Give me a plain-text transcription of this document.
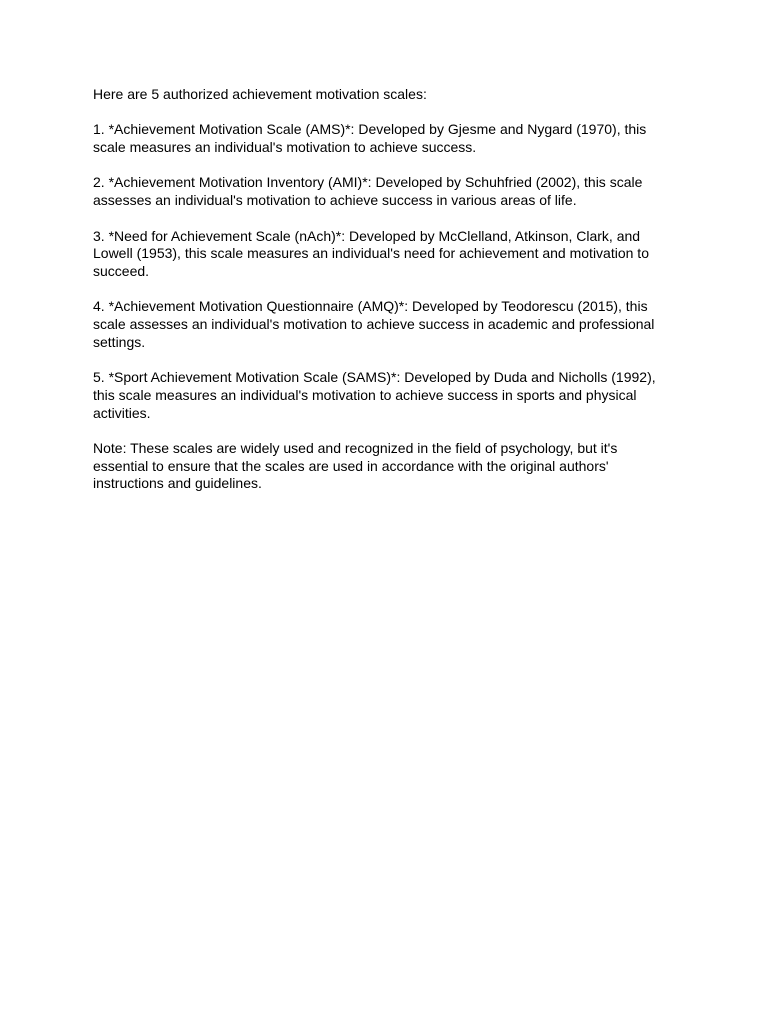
Here are 5 authorized achievement motivation scales:

1. *Achievement Motivation Scale (AMS)*: Developed by Gjesme and Nygard (1970), this scale measures an individual's motivation to achieve success.

2. *Achievement Motivation Inventory (AMI)*: Developed by Schuhfried (2002), this scale assesses an individual's motivation to achieve success in various areas of life.

3. *Need for Achievement Scale (nAch)*: Developed by McClelland, Atkinson, Clark, and Lowell (1953), this scale measures an individual's need for achievement and motivation to succeed.

4. *Achievement Motivation Questionnaire (AMQ)*: Developed by Teodorescu (2015), this scale assesses an individual's motivation to achieve success in academic and professional settings.

5. *Sport Achievement Motivation Scale (SAMS)*: Developed by Duda and Nicholls (1992), this scale measures an individual's motivation to achieve success in sports and physical activities.

Note: These scales are widely used and recognized in the field of psychology, but it's essential to ensure that the scales are used in accordance with the original authors' instructions and guidelines.
